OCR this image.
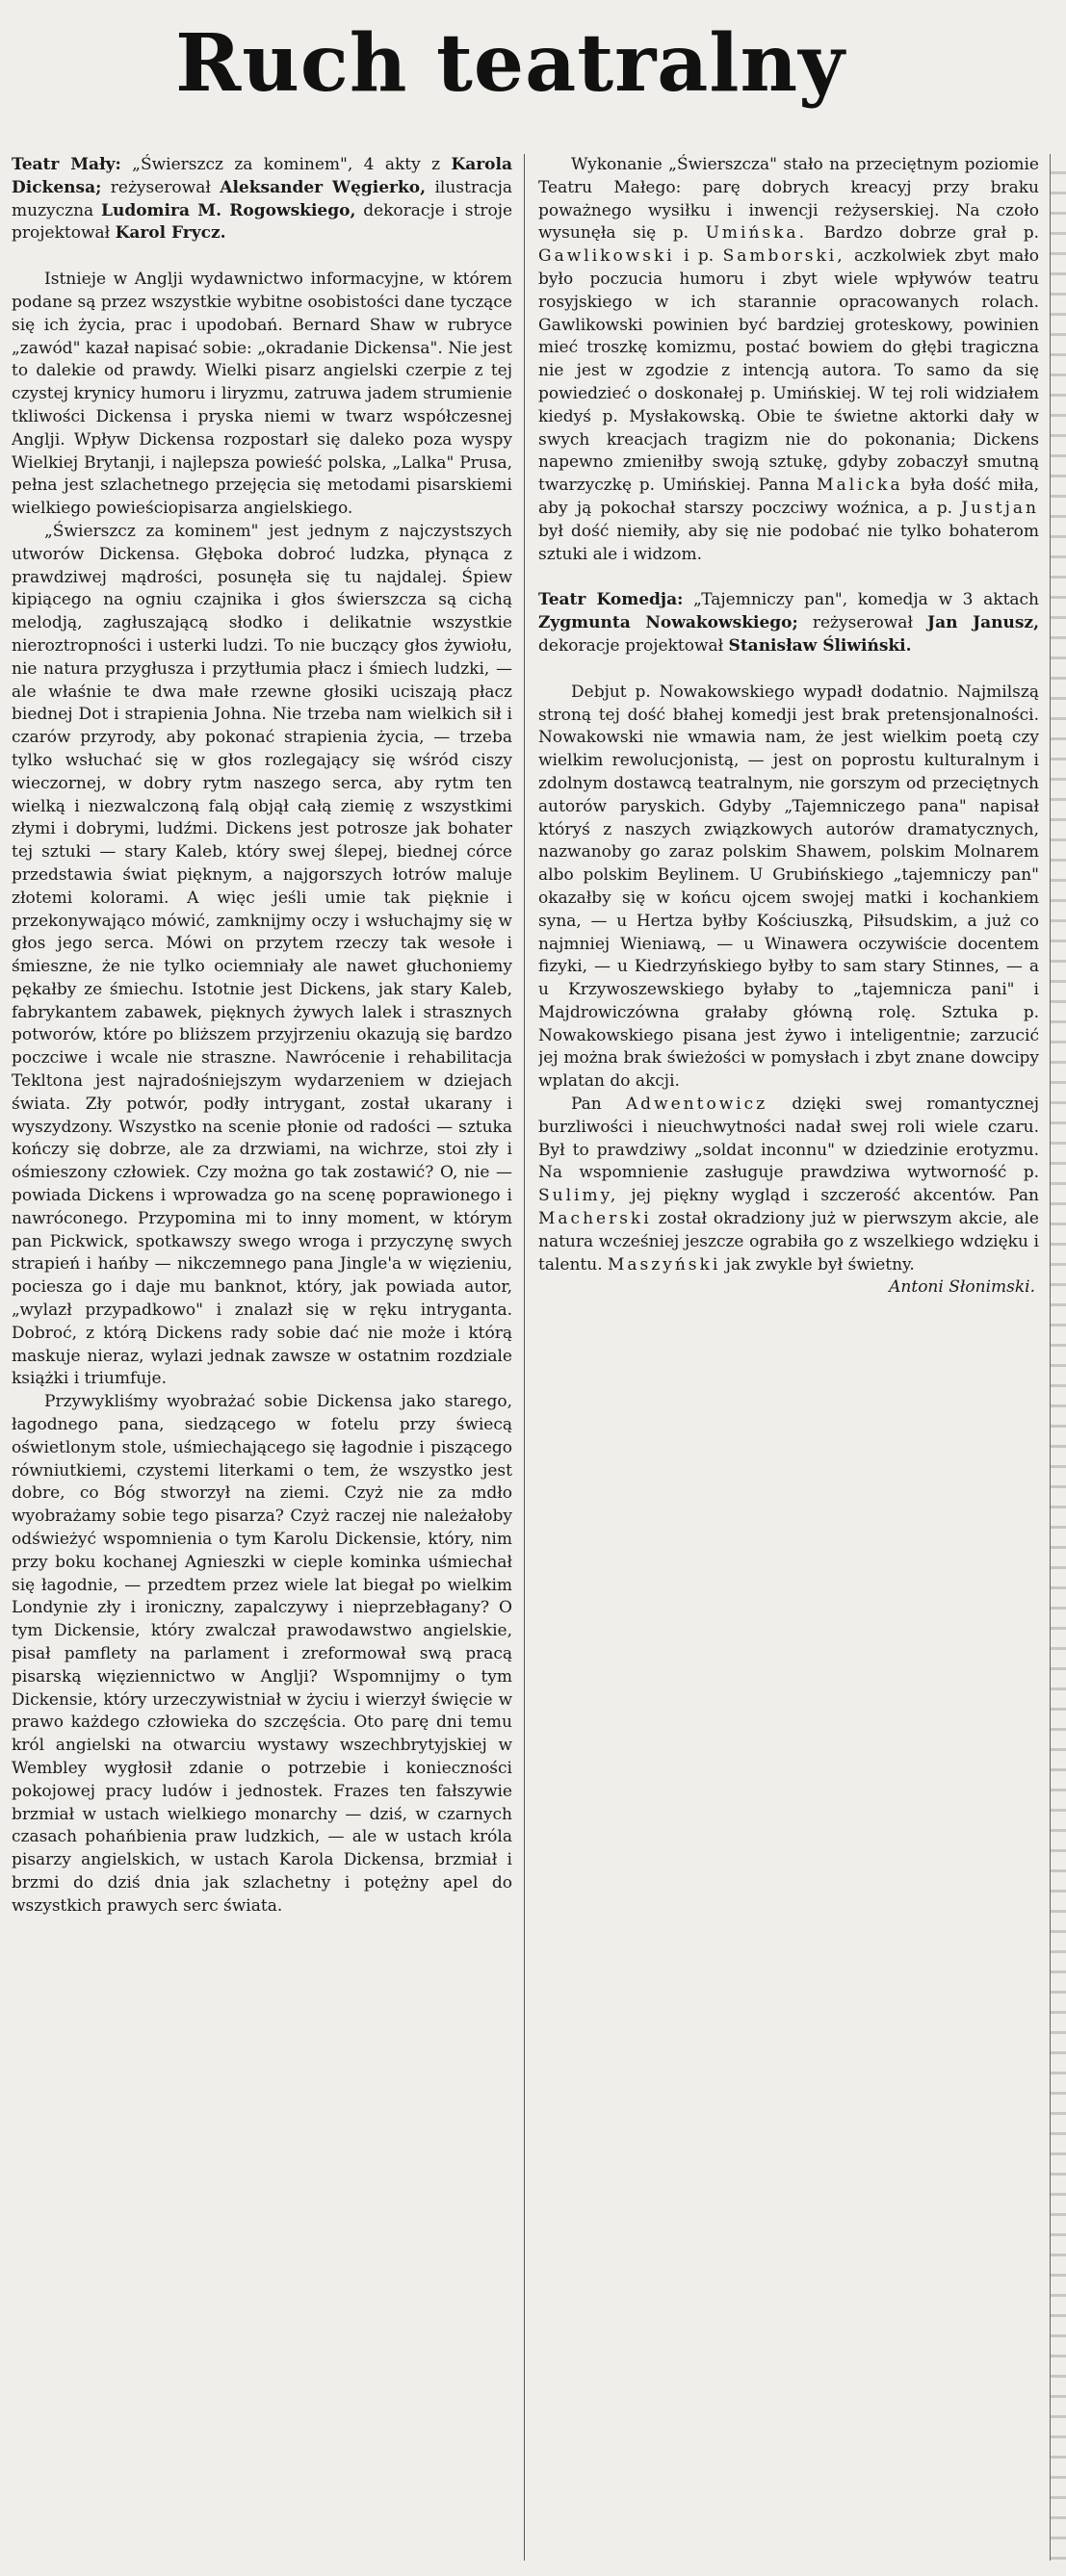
Ruch teatralny

Teatr Mały: „Świerszcz za kominem", 4 akty z Karola Dickensa; reżyserował Aleksander Węgierko, ilustracja muzyczna Ludomira M. Rogowskiego, dekoracje i stroje projektował Karol Frycz.

Istnieje w Anglji wydawnictwo informacyjne, w którem podane są przez wszystkie wybitne osobistości dane tyczące się ich życia, prac i upodobań. Bernard Shaw w rubryce „zawód" kazał napisać sobie: „okradanie Dickensa". Nie jest to dalekie od prawdy. Wielki pisarz angielski czerpie z tej czystej krynicy humoru i liryzmu, zatruwa jadem strumienie tkliwości Dickensa i pryska niemi w twarz współczesnej Anglji. Wpływ Dickensa rozpostarł się daleko poza wyspy Wielkiej Brytanji, i najlepsza powieść polska, „Lalka" Prusa, pełna jest szlachetnego przejęcia się metodami pisarskiemi wielkiego powieściopisarza angielskiego.

„Świerszcz za kominem" jest jednym z najczystszych utworów Dickensa. Głęboka dobroć ludzka, płynąca z prawdziwej mądrości, posunęła się tu najdalej. Śpiew kipiącego na ogniu czajnika i głos świerszcza są cichą melodją, zagłuszającą słodko i delikatnie wszystkie nieroztropności i usterki ludzi. To nie buczący głos żywiołu, nie natura przygłusza i przytłumia płacz i śmiech ludzki, — ale właśnie te dwa małe rzewne głosiki uciszają płacz biednej Dot i strapienia Johna. Nie trzeba nam wielkich sił i czarów przyrody, aby pokonać strapienia życia, — trzeba tylko wsłuchać się w głos rozlegający się wśród ciszy wieczornej, w dobry rytm naszego serca, aby rytm ten wielką i niezwalczoną falą objął całą ziemię z wszystkimi złymi i dobrymi, ludźmi. Dickens jest potrosze jak bohater tej sztuki — stary Kaleb, który swej ślepej, biednej córce przedstawia świat pięknym, a najgorszych łotrów maluje złotemi kolorami. A więc jeśli umie tak pięknie i przekonywająco mówić, zamknijmy oczy i wsłuchajmy się w głos jego serca. Mówi on przytem rzeczy tak wesołe i śmieszne, że nie tylko ociemniały ale nawet głuchoniemy pękałby ze śmiechu. Istotnie jest Dickens, jak stary Kaleb, fabrykantem zabawek, pięknych żywych lalek i strasznych potworów, które po bliższem przyjrzeniu okazują się bardzo poczciwe i wcale nie straszne. Nawrócenie i rehabilitacja Tekltona jest najradośniejszym wydarzeniem w dziejach świata. Zły potwór, podły intrygant, został ukarany i wyszydzony. Wszystko na scenie płonie od radości — sztuka kończy się dobrze, ale za drzwiami, na wichrze, stoi zły i ośmieszony człowiek. Czy można go tak zostawić? O, nie — powiada Dickens i wprowadza go na scenę poprawionego i nawróconego. Przypomina mi to inny moment, w którym pan Pickwick, spotkawszy swego wroga i przyczynę swych strapień i hańby — nikczemnego pana Jingle'a w więzieniu, pociesza go i daje mu banknot, który, jak powiada autor, „wylazł przypadkowo" i znalazł się w ręku intryganta. Dobroć, z którą Dickens rady sobie dać nie może i którą maskuje nieraz, wylazi jednak zawsze w ostatnim rozdziale książki i triumfuje.

Przywykliśmy wyobrażać sobie Dickensa jako starego, łagodnego pana, siedzącego w fotelu przy świecą oświetlonym stole, uśmiechającego się łagodnie i piszącego równiutkiemi, czystemi literkami o tem, że wszystko jest dobre, co Bóg stworzył na ziemi. Czyż nie za mdło wyobrażamy sobie tego pisarza? Czyż raczej nie należałoby odświeżyć wspomnienia o tym Karolu Dickensie, który, nim przy boku kochanej Agnieszki w cieple kominka uśmiechał się łagodnie, — przedtem przez wiele lat biegał po wielkim Londynie zły i ironiczny, zapalczywy i nieprzebłagany? O tym Dickensie, który zwalczał prawodawstwo angielskie, pisał pamflety na parlament i zreformował swą pracą pisarską więziennictwo w Anglji? Wspomnijmy o tym Dickensie, który urzeczywistniał w życiu i wierzył święcie w prawo każdego człowieka do szczęścia. Oto parę dni temu król angielski na otwarciu wystawy wszechbrytyjskiej w Wembley wygłosił zdanie o potrzebie i konieczności pokojowej pracy ludów i jednostek. Frazes ten fałszywie brzmiał w ustach wielkiego monarchy — dziś, w czarnych czasach pohańbienia praw ludzkich, — ale w ustach króla pisarzy angielskich, w ustach Karola Dickensa, brzmiał i brzmi do dziś dnia jak szlachetny i potężny apel do wszystkich prawych serc świata.

Wykonanie „Świerszcza" stało na przeciętnym poziomie Teatru Małego: parę dobrych kreacyj przy braku poważnego wysiłku i inwencji reżyserskiej. Na czoło wysunęła się p. Umińska. Bardzo dobrze grał p. Gawlikowski i p. Samborski, aczkolwiek zbyt mało było poczucia humoru i zbyt wiele wpływów teatru rosyjskiego w ich starannie opracowanych rolach. Gawlikowski powinien być bardziej groteskowy, powinien mieć troszkę komizmu, postać bowiem do głębi tragiczna nie jest w zgodzie z intencją autora. To samo da się powiedzieć o doskonałej p. Umińskiej. W tej roli widziałem kiedyś p. Mysłakowską. Obie te świetne aktorki dały w swych kreacjach tragizm nie do pokonania; Dickens napewno zmieniłby swoją sztukę, gdyby zobaczył smutną twarzyczkę p. Umińskiej. Panna Malicka była dość miła, aby ją pokochał starszy poczciwy woźnica, a p. Justjan był dość niemiły, aby się nie podobać nie tylko bohaterom sztuki ale i widzom.

Teatr Komedja: „Tajemniczy pan", komedja w 3 aktach Zygmunta Nowakowskiego; reżyserował Jan Janusz, dekoracje projektował Stanisław Śliwiński.

Debjut p. Nowakowskiego wypadł dodatnio. Najmilszą stroną tej dość błahej komedji jest brak pretensjonalności. Nowakowski nie wmawia nam, że jest wielkim poetą czy wielkim rewolucjonistą, — jest on poprostu kulturalnym i zdolnym dostawcą teatralnym, nie gorszym od przeciętnych autorów paryskich. Gdyby „Tajemniczego pana" napisał któryś z naszych związkowych autorów dramatycznych, nazwanoby go zaraz polskim Shawem, polskim Molnarem albo polskim Beylinem. U Grubińskiego „tajemniczy pan" okazałby się w końcu ojcem swojej matki i kochankiem syna, — u Hertza byłby Kościuszką, Piłsudskim, a już co najmniej Wieniawą, — u Winawera oczywiście docentem fizyki, — u Kiedrzyńskiego byłby to sam stary Stinnes, — a u Krzywoszewskiego byłaby to „tajemnicza pani" i Majdrowiczówna grałaby główną rolę. Sztuka p. Nowakowskiego pisana jest żywo i inteligentnie; zarzucić jej można brak świeżości w pomysłach i zbyt znane dowcipy wplatan do akcji.

Pan Adwentowicz dzięki swej romantycznej burzliwości i nieuchwytności nadał swej roli wiele czaru. Był to prawdziwy „soldat inconnu" w dziedzinie erotyzmu. Na wspomnienie zasługuje prawdziwa wytworność p. Sulimy, jej piękny wygląd i szczerość akcentów. Pan Macherski został okradziony już w pierwszym akcie, ale natura wcześniej jeszcze ograbiła go z wszelkiego wdzięku i talentu. Maszyński jak zwykle był świetny.

Antoni Słonimski.
